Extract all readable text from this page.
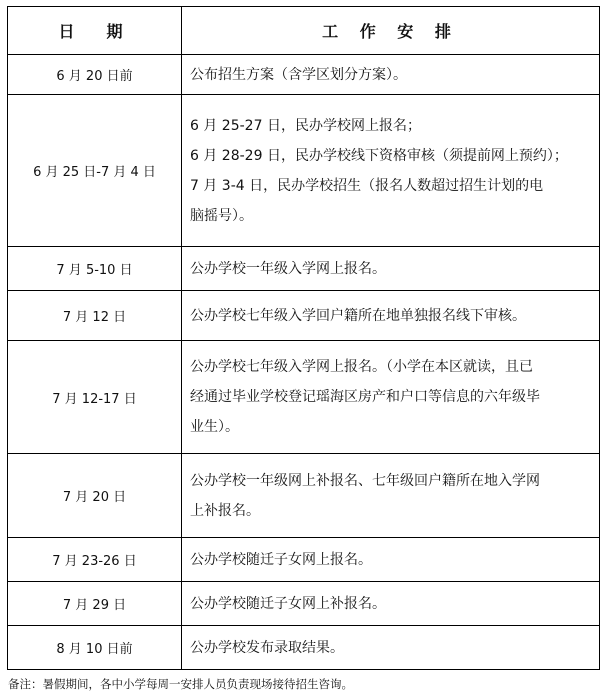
日　期	工 作 安 排
6 月 20 日前	公布招生方案（含学区划分方案）。

6 月 25 日-7 月 4 日	6 月 25-27 日，民办学校网上报名；
6 月 28-29 日，民办学校线下资格审核（须提前网上预约）；
7 月 3-4 日，民办学校招生（报名人数超过招生计划的电
脑摇号）。

7 月 5-10 日	公办学校一年级入学网上报名。

7 月 12 日	公办学校七年级入学回户籍所在地单独报名线下审核。

7 月 12-17 日	公办学校七年级入学网上报名。（小学在本区就读，且已
经通过毕业学校登记瑶海区房产和户口等信息的六年级毕
业生）。

7 月 20 日	公办学校一年级网上补报名、七年级回户籍所在地入学网
上补报名。

7 月 23-26 日	公办学校随迁子女网上报名。

7 月 29 日	公办学校随迁子女网上补报名。

8 月 10 日前	公办学校发布录取结果。
备注：暑假期间，各中小学每周一安排人员负责现场接待招生咨询。
